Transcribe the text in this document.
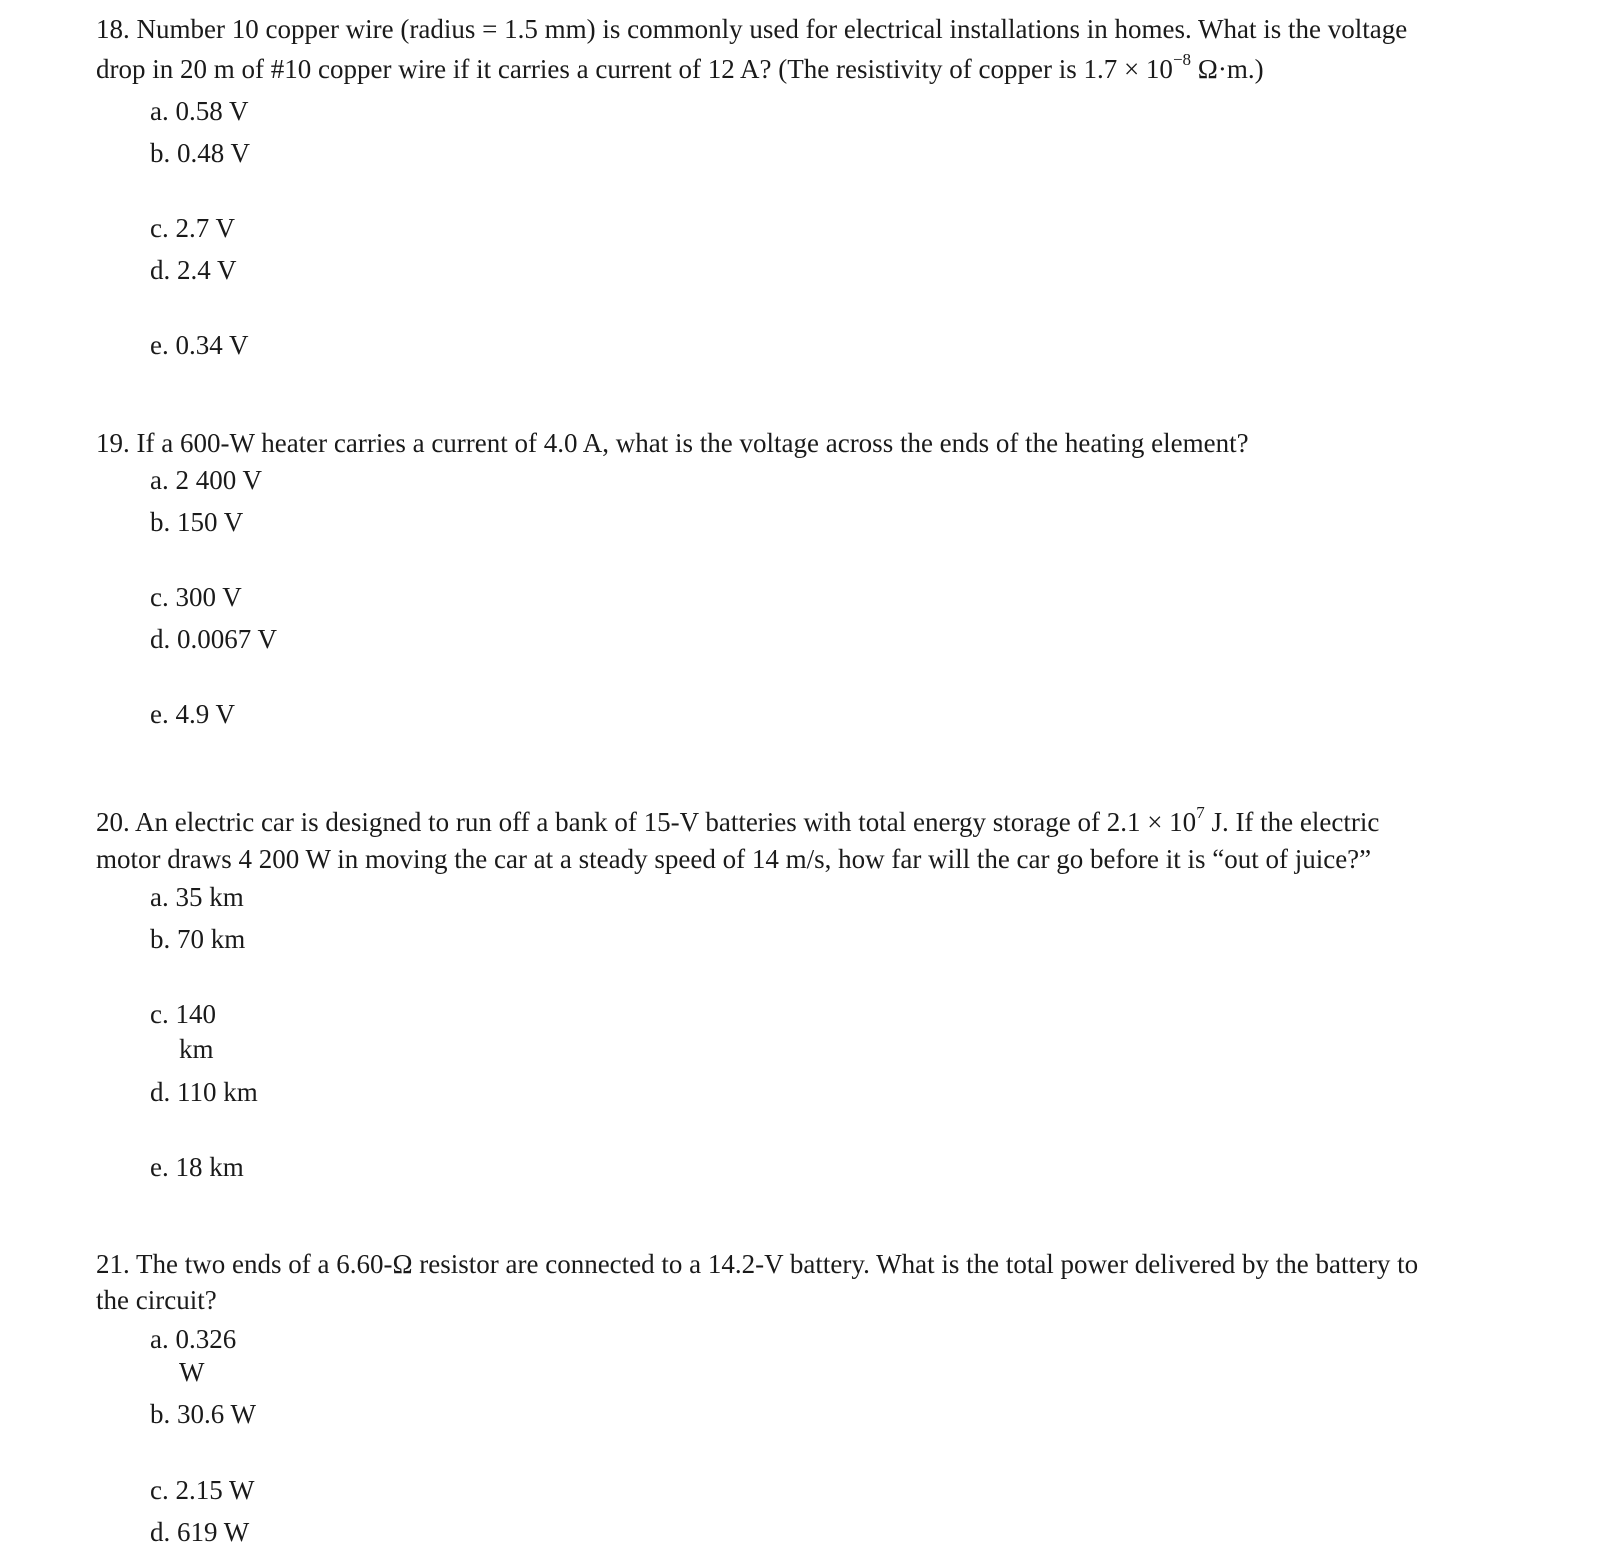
18. Number 10 copper wire (radius = 1.5 mm) is commonly used for electrical installations in homes. What is the voltage
drop in 20 m of #10 copper wire if it carries a current of 12 A? (The resistivity of copper is $1.7 \times 10^{-8}$ Ω·m.)
a. 0.58 V
b. 0.48 V
c. 2.7 V
d. 2.4 V
e. 0.34 V
19. If a 600-W heater carries a current of 4.0 A, what is the voltage across the ends of the heating element?
a. 2 400 V
b. 150 V
c. 300 V
d. 0.0067 V
e. 4.9 V
20. An electric car is designed to run off a bank of 15-V batteries with total energy storage of $2.1 \times 10^7$ J. If the electric
motor draws 4 200 W in moving the car at a steady speed of 14 m/s, how far will the car go before it is “out of juice?”
a. 35 km
b. 70 km
c. 140
km
d. 110 km
e. 18 km
21. The two ends of a 6.60-Ω resistor are connected to a 14.2-V battery. What is the total power delivered by the battery to
the circuit?
a. 0.326
W
b. 30.6 W
c. 2.15 W
d. 619 W
